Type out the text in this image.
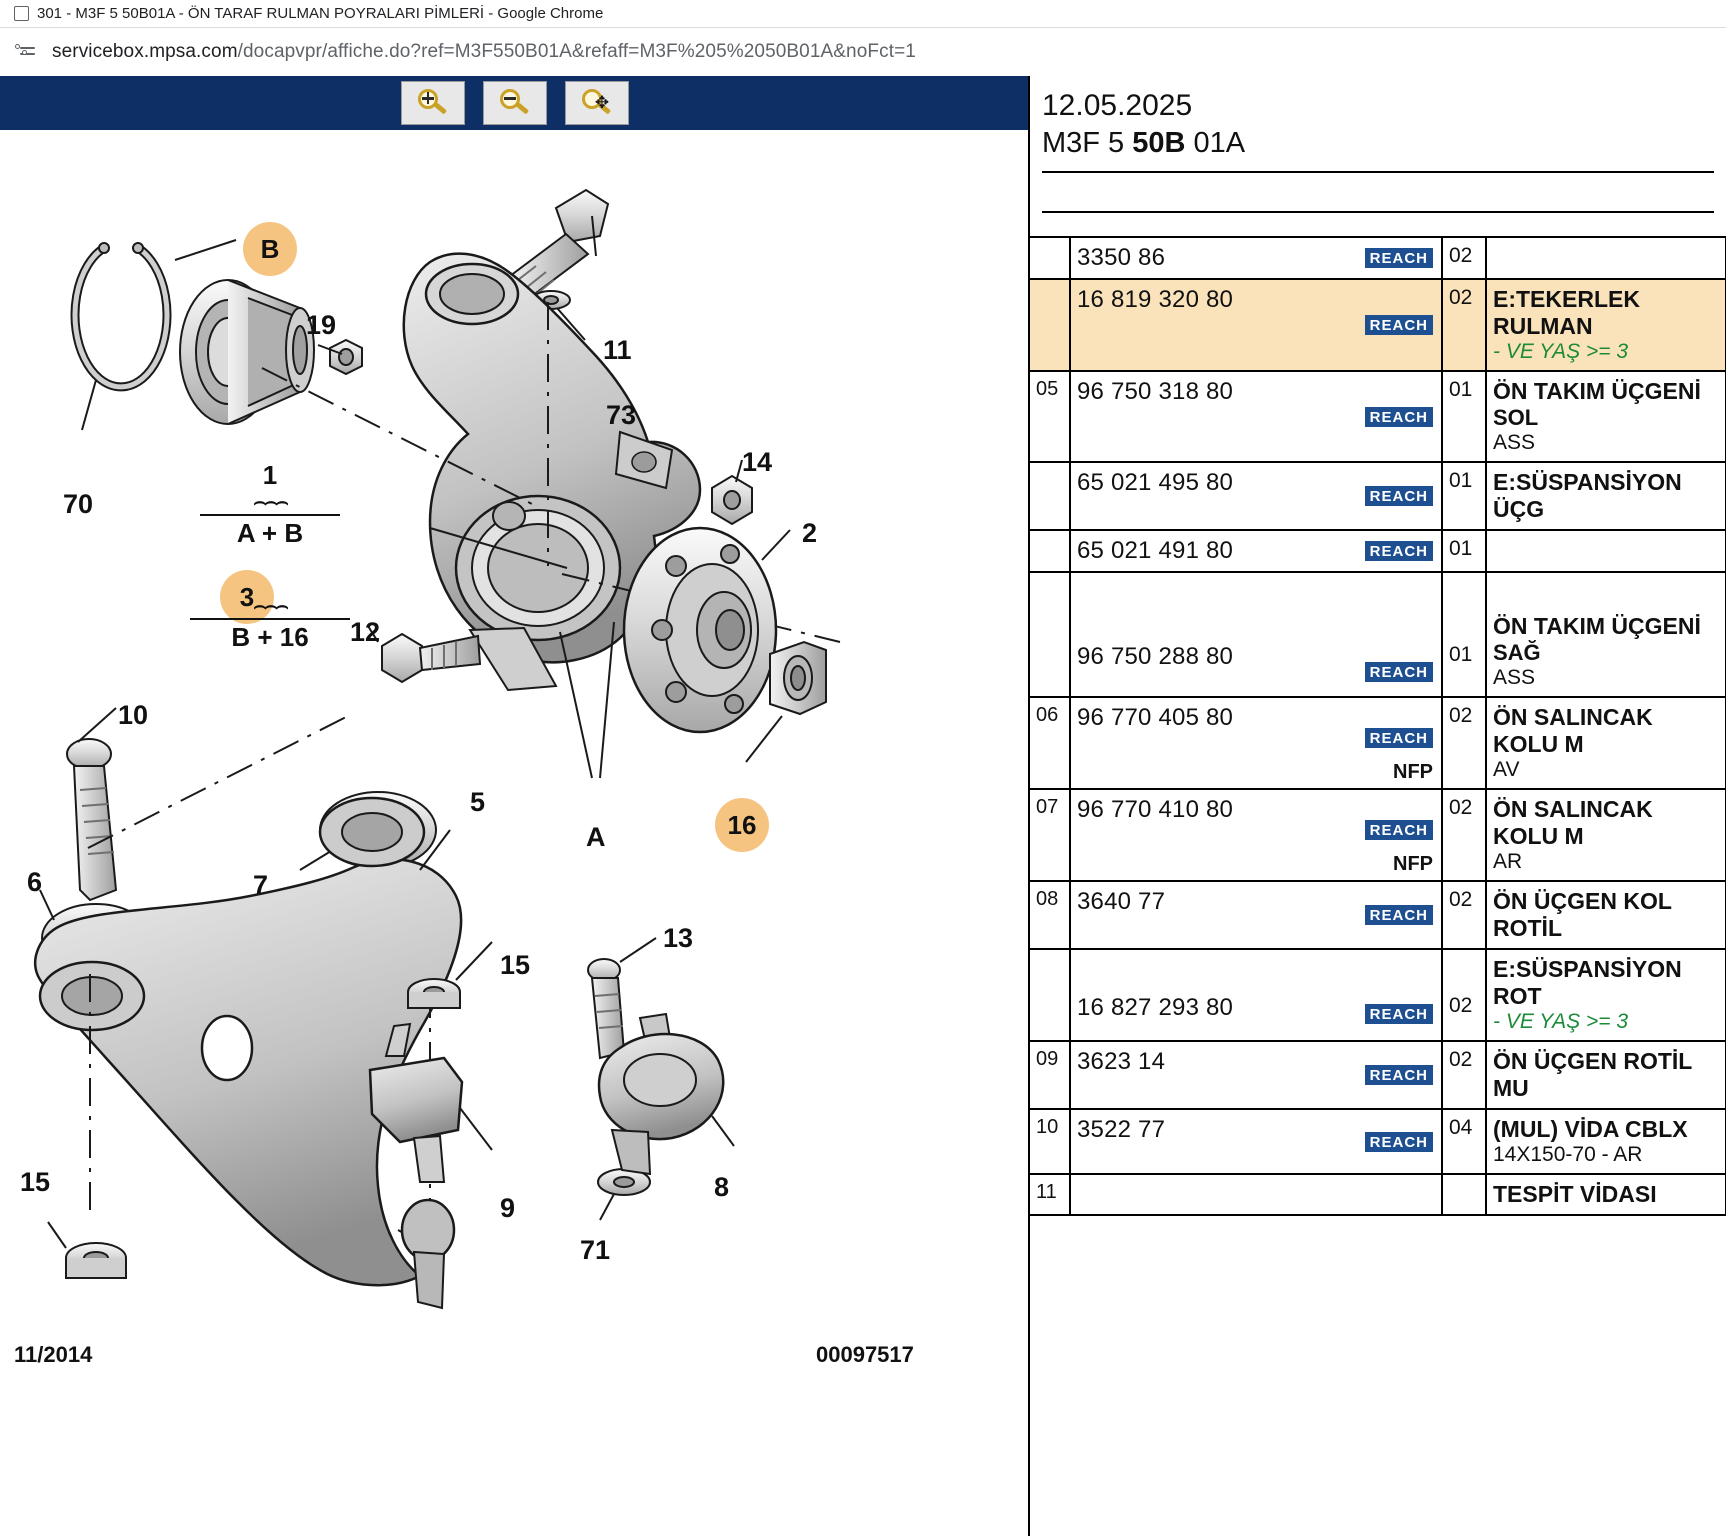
301 - M3F 5 50B01A - ÖN TARAF RULMAN POYRALARI PİMLERİ - Google Chrome
servicebox.mpsa.com/docapvpr/affiche.do?ref=M3F550B01A&refaff=M3F%205%2050B01A&noFct=1
✥
B
3
16
1
⌢⌢⌢
A + B
⌢⌢⌢
B + 16
19
11
73
14
2
70
12
10
6	7
5
A
15
13
8
9
71
15
11/2014	00097517
12.05.2025
M3F 5 50B 01A
	3350 86 REACH	02	

	16 819 320 80
REACH
	02	E:TEKERLEK RULMAN
- VE YAŞ >= 3

05	96 750 318 80
REACH
	01	ÖN TAKIM ÜÇGENİ
SOL
ASS

	65 021 495 80
REACH	01	E:SÜSPANSİYON ÜÇG

	65 021 491 80 REACH	01	

	96 750 288 80
REACH
	01	
ÖN TAKIM ÜÇGENİ
SAĞ
ASS

06	96 770 405 80
REACH
NFP
	02	ÖN SALINCAK KOLU M
AV

07	96 770 410 80
REACH
NFP
	02	ÖN SALINCAK KOLU M
AR

08	3640 77
REACH	02	ÖN ÜÇGEN KOL ROTİL

	16 827 293 80	REACH	02	
E:SÜSPANSİYON ROT
- VE YAŞ >= 3

09	3623 14
REACH	02	ÖN ÜÇGEN ROTİL MU

10	3522 77	REACH
	04	(MUL) VİDA CBLX
14X150-70 - AR

11			TESPİT VİDASI
